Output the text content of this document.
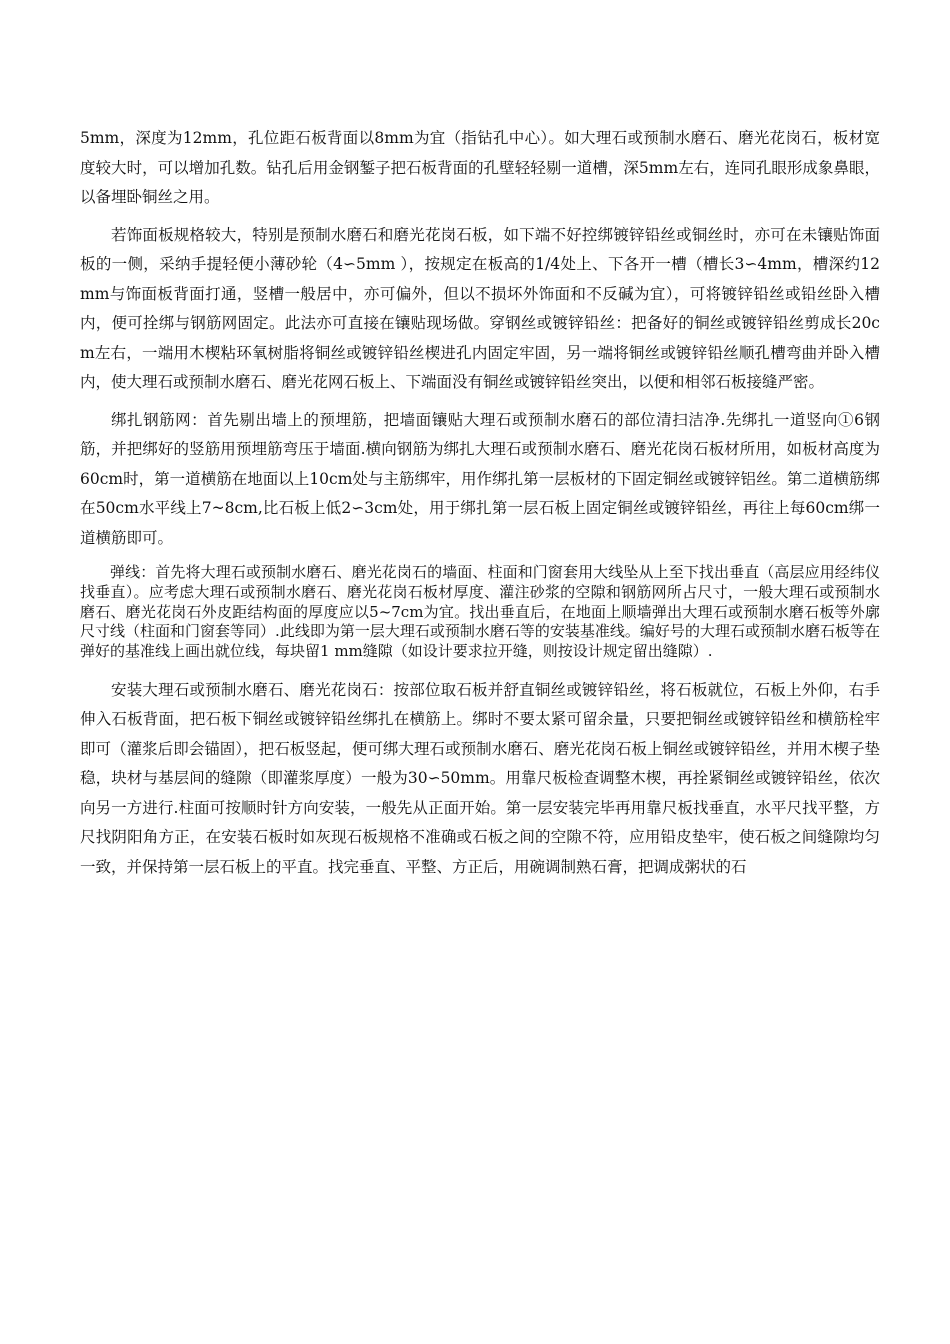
5mm，深度为12mm，孔位距石板背面以8mm为宜（指钻孔中心）。如大理石或预制水磨石、磨光花岗石，板材宽度较大时，可以增加孔数。钻孔后用金钢錾子把石板背面的孔壁轻轻剔一道槽，深5mm左右，连同孔眼形成象鼻眼，以备埋卧铜丝之用。

若饰面板规格较大，特别是预制水磨石和磨光花岗石板，如下端不好控绑镀锌铅丝或铜丝时，亦可在未镶贴饰面板的一侧，采纳手提轻便小薄砂轮（4∽5mm ），按规定在板高的1/4处上、下各开一槽（槽长3∽4mm，槽深约12mm与饰面板背面打通，竖槽一般居中，亦可偏外，但以不损坏外饰面和不反碱为宜），可将镀锌铅丝或铅丝卧入槽内，便可拴绑与钢筋网固定。此法亦可直接在镶贴现场做。穿钢丝或镀锌铅丝：把备好的铜丝或镀锌铅丝剪成长20cm左右，一端用木楔粘环氧树脂将铜丝或镀锌铅丝楔进孔内固定牢固，另一端将铜丝或镀锌铅丝顺孔槽弯曲并卧入槽内，使大理石或预制水磨石、磨光花网石板上、下端面没有铜丝或镀锌铅丝突出，以便和相邻石板接缝严密。

绑扎钢筋网：首先剔出墙上的预埋筋，把墙面镶贴大理石或预制水磨石的部位清扫洁净.先绑扎一道竖向①6钢筋，并把绑好的竖筋用预埋筋弯压于墙面.横向钢筋为绑扎大理石或预制水磨石、磨光花岗石板材所用，如板材高度为60cm时，第一道横筋在地面以上10cm处与主筋绑牢，用作绑扎第一层板材的下固定铜丝或镀锌铝丝。第二道横筋绑在50cm水平线上7~8cm,比石板上低2∽3cm处，用于绑扎第一层石板上固定铜丝或镀锌铅丝，再往上每60cm绑一道横筋即可。

弹线：首先将大理石或预制水磨石、磨光花岗石的墙面、柱面和门窗套用大线坠从上至下找出垂直（高层应用经纬仪找垂直）。应考虑大理石或预制水磨石、磨光花岗石板材厚度、灌注砂浆的空隙和钢筋网所占尺寸，一般大理石或预制水磨石、磨光花岗石外皮距结构面的厚度应以5~7cm为宜。找出垂直后，在地面上顺墙弹出大理石或预制水磨石板等外廓尺寸线（柱面和门窗套等同）.此线即为第一层大理石或预制水磨石等的安装基准线。编好号的大理石或预制水磨石板等在弹好的基准线上画出就位线，每块留1 mm缝隙（如设计要求拉开缝，则按设计规定留出缝隙）.

安装大理石或预制水磨石、磨光花岗石：按部位取石板并舒直铜丝或镀锌铅丝，将石板就位，石板上外仰，右手伸入石板背面，把石板下铜丝或镀锌铅丝绑扎在横筋上。绑时不要太紧可留余量，只要把铜丝或镀锌铅丝和横筋栓牢即可（灌浆后即会锚固），把石板竖起，便可绑大理石或预制水磨石、磨光花岗石板上铜丝或镀锌铅丝，并用木楔子垫稳，块材与基层间的缝隙（即灌浆厚度）一般为30∽50mm。用靠尺板检查调整木楔，再拴紧铜丝或镀锌铅丝，依次向另一方进行.柱面可按顺时针方向安装，一般先从正面开始。第一层安装完毕再用靠尺板找垂直，水平尺找平整，方尺找阴阳角方正，在安装石板时如灰现石板规格不准确或石板之间的空隙不符，应用铅皮垫牢，使石板之间缝隙均匀一致，并保持第一层石板上的平直。找完垂直、平整、方正后，用碗调制熟石膏，把调成粥状的石
